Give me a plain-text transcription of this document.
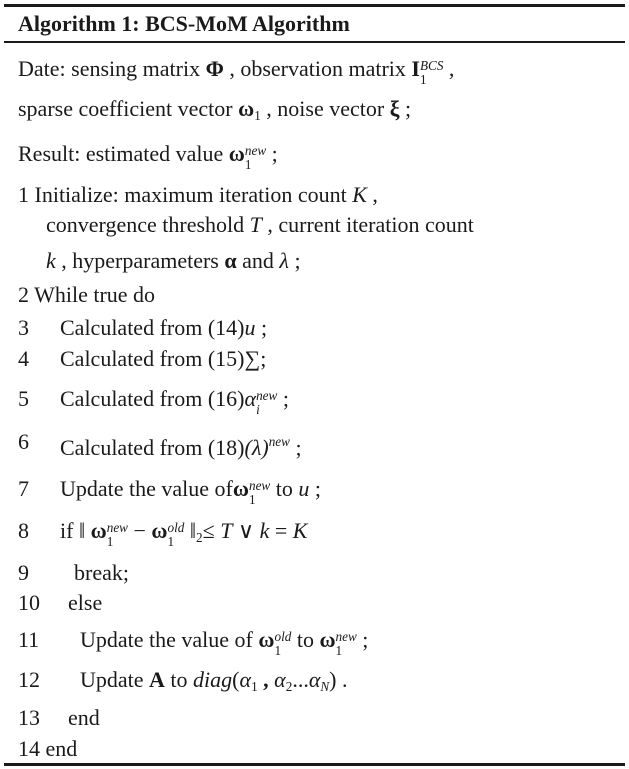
Algorithm 1: BCS-MoM Algorithm
Date: sensing matrix Φ , observation matrix I BCS
1 ,
sparse coefficient vector ω1 , noise vector ξ ;
Result: estimated value ω new
1 ;
1 Initialize: maximum iteration count K ,
convergence threshold T , current iteration count
k , hyperparameters α and λ ;
2 While true do
3 Calculated from (14)u ;
4 Calculated from (15)∑;
5 Calculated from (16)α new
i ;
6 Calculated from $(18)(\lambda)^{new}$ ;
7 Update the value ofω new
1 to u ;
8 if ‖ ω new
1 − ω old
1 ‖2≤ T ∨ k = K
9 break;
10 else
11 Update the value of ω old
1 to ω new
1 ;
12 Update A to diag(α1 , α2...αN) .
13 end
14 end
